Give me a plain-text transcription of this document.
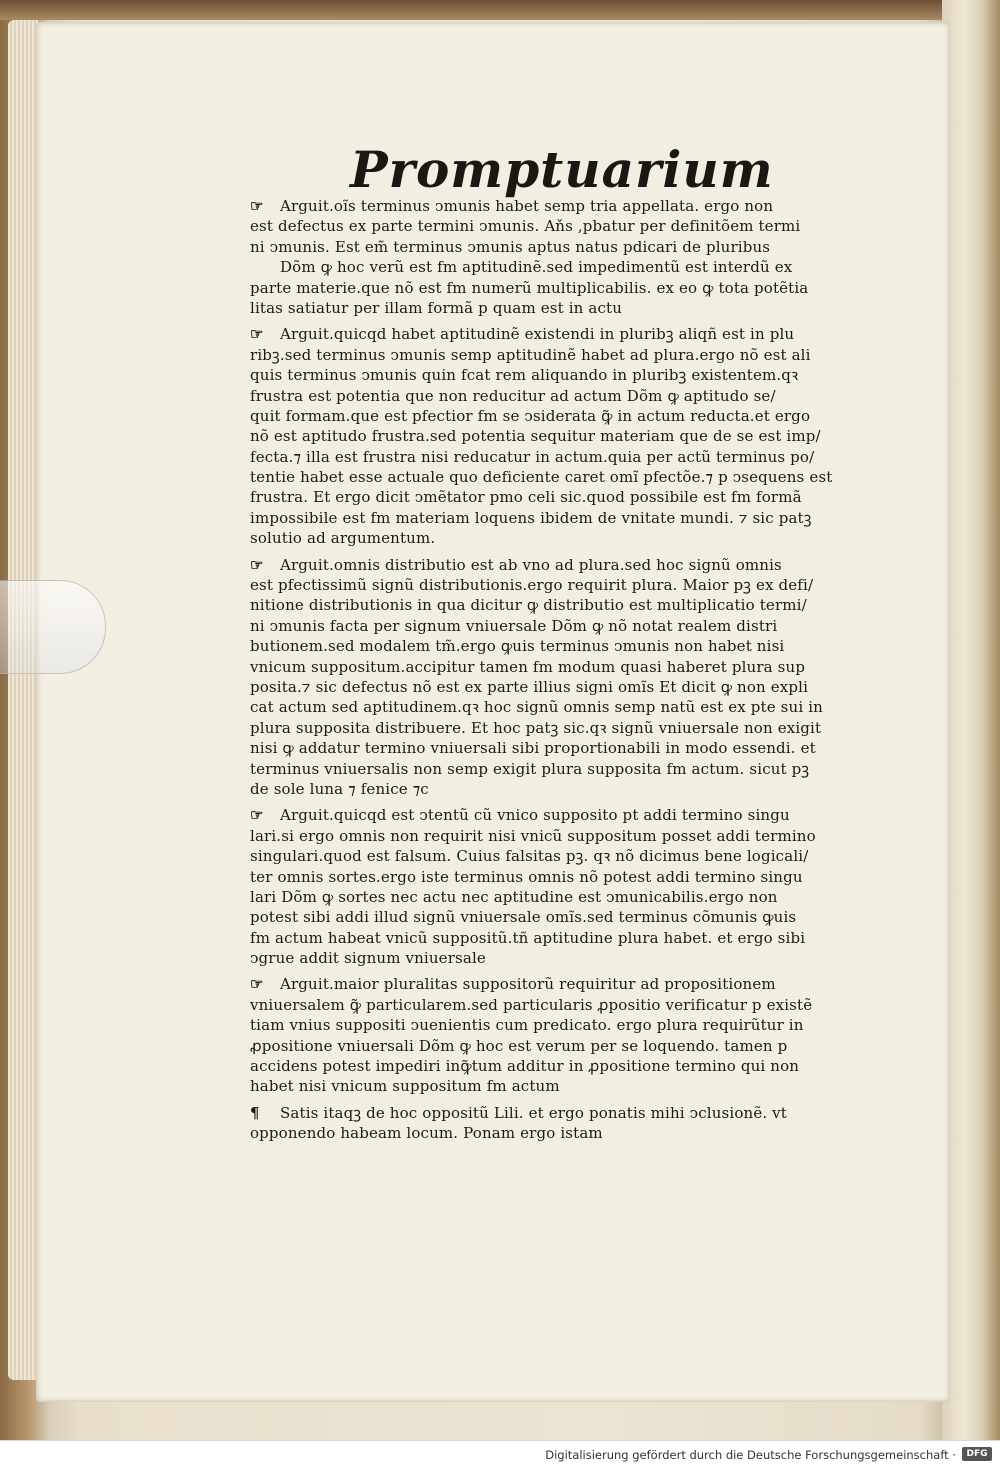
Promptuarium
☞ Arguit.oĩs terminus ↄmunis habet semp tria appellata. ergo non
est defectus ex parte termini ↄmunis. Aňs ,pbatur per definitõem termi
ni ↄmunis. Est em̃ terminus ↄmunis aptus natus pdicari de pluribus
Dõm ꝙ hoc verũ est fm aptitudinẽ.sed impedimentũ est interdũ ex
parte materie.que nõ est fm numerũ multiplicabilis. ex eo ꝙ tota potẽtia
litas satiatur per illam formã p quam est in actu
☞ Arguit.quicqd habet aptitudinẽ existendi in pluribꝫ aliqñ est in plu
ribꝫ.sed terminus ↄmunis semp aptitudinẽ habet ad plura.ergo nõ est ali
quis terminus ↄmunis quin fcat rem aliquando in pluribꝫ existentem.qꝛ
frustra est potentia que non reducitur ad actum Dõm ꝙ aptitudo se/
quit formam.que est pfectior fm se ↄsiderata ꝙ̃ in actum reducta.et ergo
nõ est aptitudo frustra.sed potentia sequitur materiam que de se est imp/
fecta.⁊ illa est frustra nisi reducatur in actum.quia per actũ terminus po/
tentie habet esse actuale quo deficiente caret omĩ pfectõe.⁊ p ↄsequens est
frustra. Et ergo dicit ↄmẽtator pmo celi sic.quod possibile est fm formã
impossibile est fm materiam loquens ibidem de vnitate mundi. ⁊ sic patꝫ
solutio ad argumentum.
☞ Arguit.omnis distributio est ab vno ad plura.sed hoc signũ omnis
est pfectissimũ signũ distributionis.ergo requirit plura. Maior pꝫ ex defi/
nitione distributionis in qua dicitur ꝙ distributio est multiplicatio termi/
ni ↄmunis facta per signum vniuersale Dõm ꝙ nõ notat realem distri
butionem.sed modalem tm̃.ergo ꝙuis terminus ↄmunis non habet nisi
vnicum suppositum.accipitur tamen fm modum quasi haberet plura sup
posita.⁊ sic defectus nõ est ex parte illius signi omĩs Et dicit ꝙ non expli
cat actum sed aptitudinem.qꝛ hoc signũ omnis semp natũ est ex pte sui in
plura supposita distribuere. Et hoc patꝫ sic.qꝛ signũ vniuersale non exigit
nisi ꝙ addatur termino vniuersali sibi proportionabili in modo essendi. et
terminus vniuersalis non semp exigit plura supposita fm actum. sicut pꝫ
de sole luna ⁊ fenice ⁊c
☞ Arguit.quicqd est ↄtentũ cũ vnico supposito pt addi termino singu
lari.si ergo omnis non requirit nisi vnicũ suppositum posset addi termino
singulari.quod est falsum. Cuius falsitas pꝫ. qꝛ nõ dicimus bene logicali/
ter omnis sortes.ergo iste terminus omnis nõ potest addi termino singu
lari Dõm ꝙ sortes nec actu nec aptitudine est ↄmunicabilis.ergo non
potest sibi addi illud signũ vniuersale omĩs.sed terminus cõmunis ꝙuis
fm actum habeat vnicũ suppositũ.tñ aptitudine plura habet. et ergo sibi
ↄgrue addit signum vniuersale
☞ Arguit.maior pluralitas suppositorũ requiritur ad propositionem
vniuersalem ꝙ̃ particularem.sed particularis ꝓpositio verificatur p existẽ
tiam vnius suppositi ↄuenientis cum predicato. ergo plura requirũtur in
ꝓpositione vniuersali Dõm ꝙ hoc est verum per se loquendo. tamen p
accidens potest impediri inꝙ̃tum additur in ꝓpositione termino qui non
habet nisi vnicum suppositum fm actum
¶ Satis itaqꝫ de hoc oppositũ Lili. et ergo ponatis mihi ↄclusionẽ. vt
opponendo habeam locum. Ponam ergo istam
Digitalisierung gefördert durch die Deutsche Forschungsgemeinschaft ·	DFG
